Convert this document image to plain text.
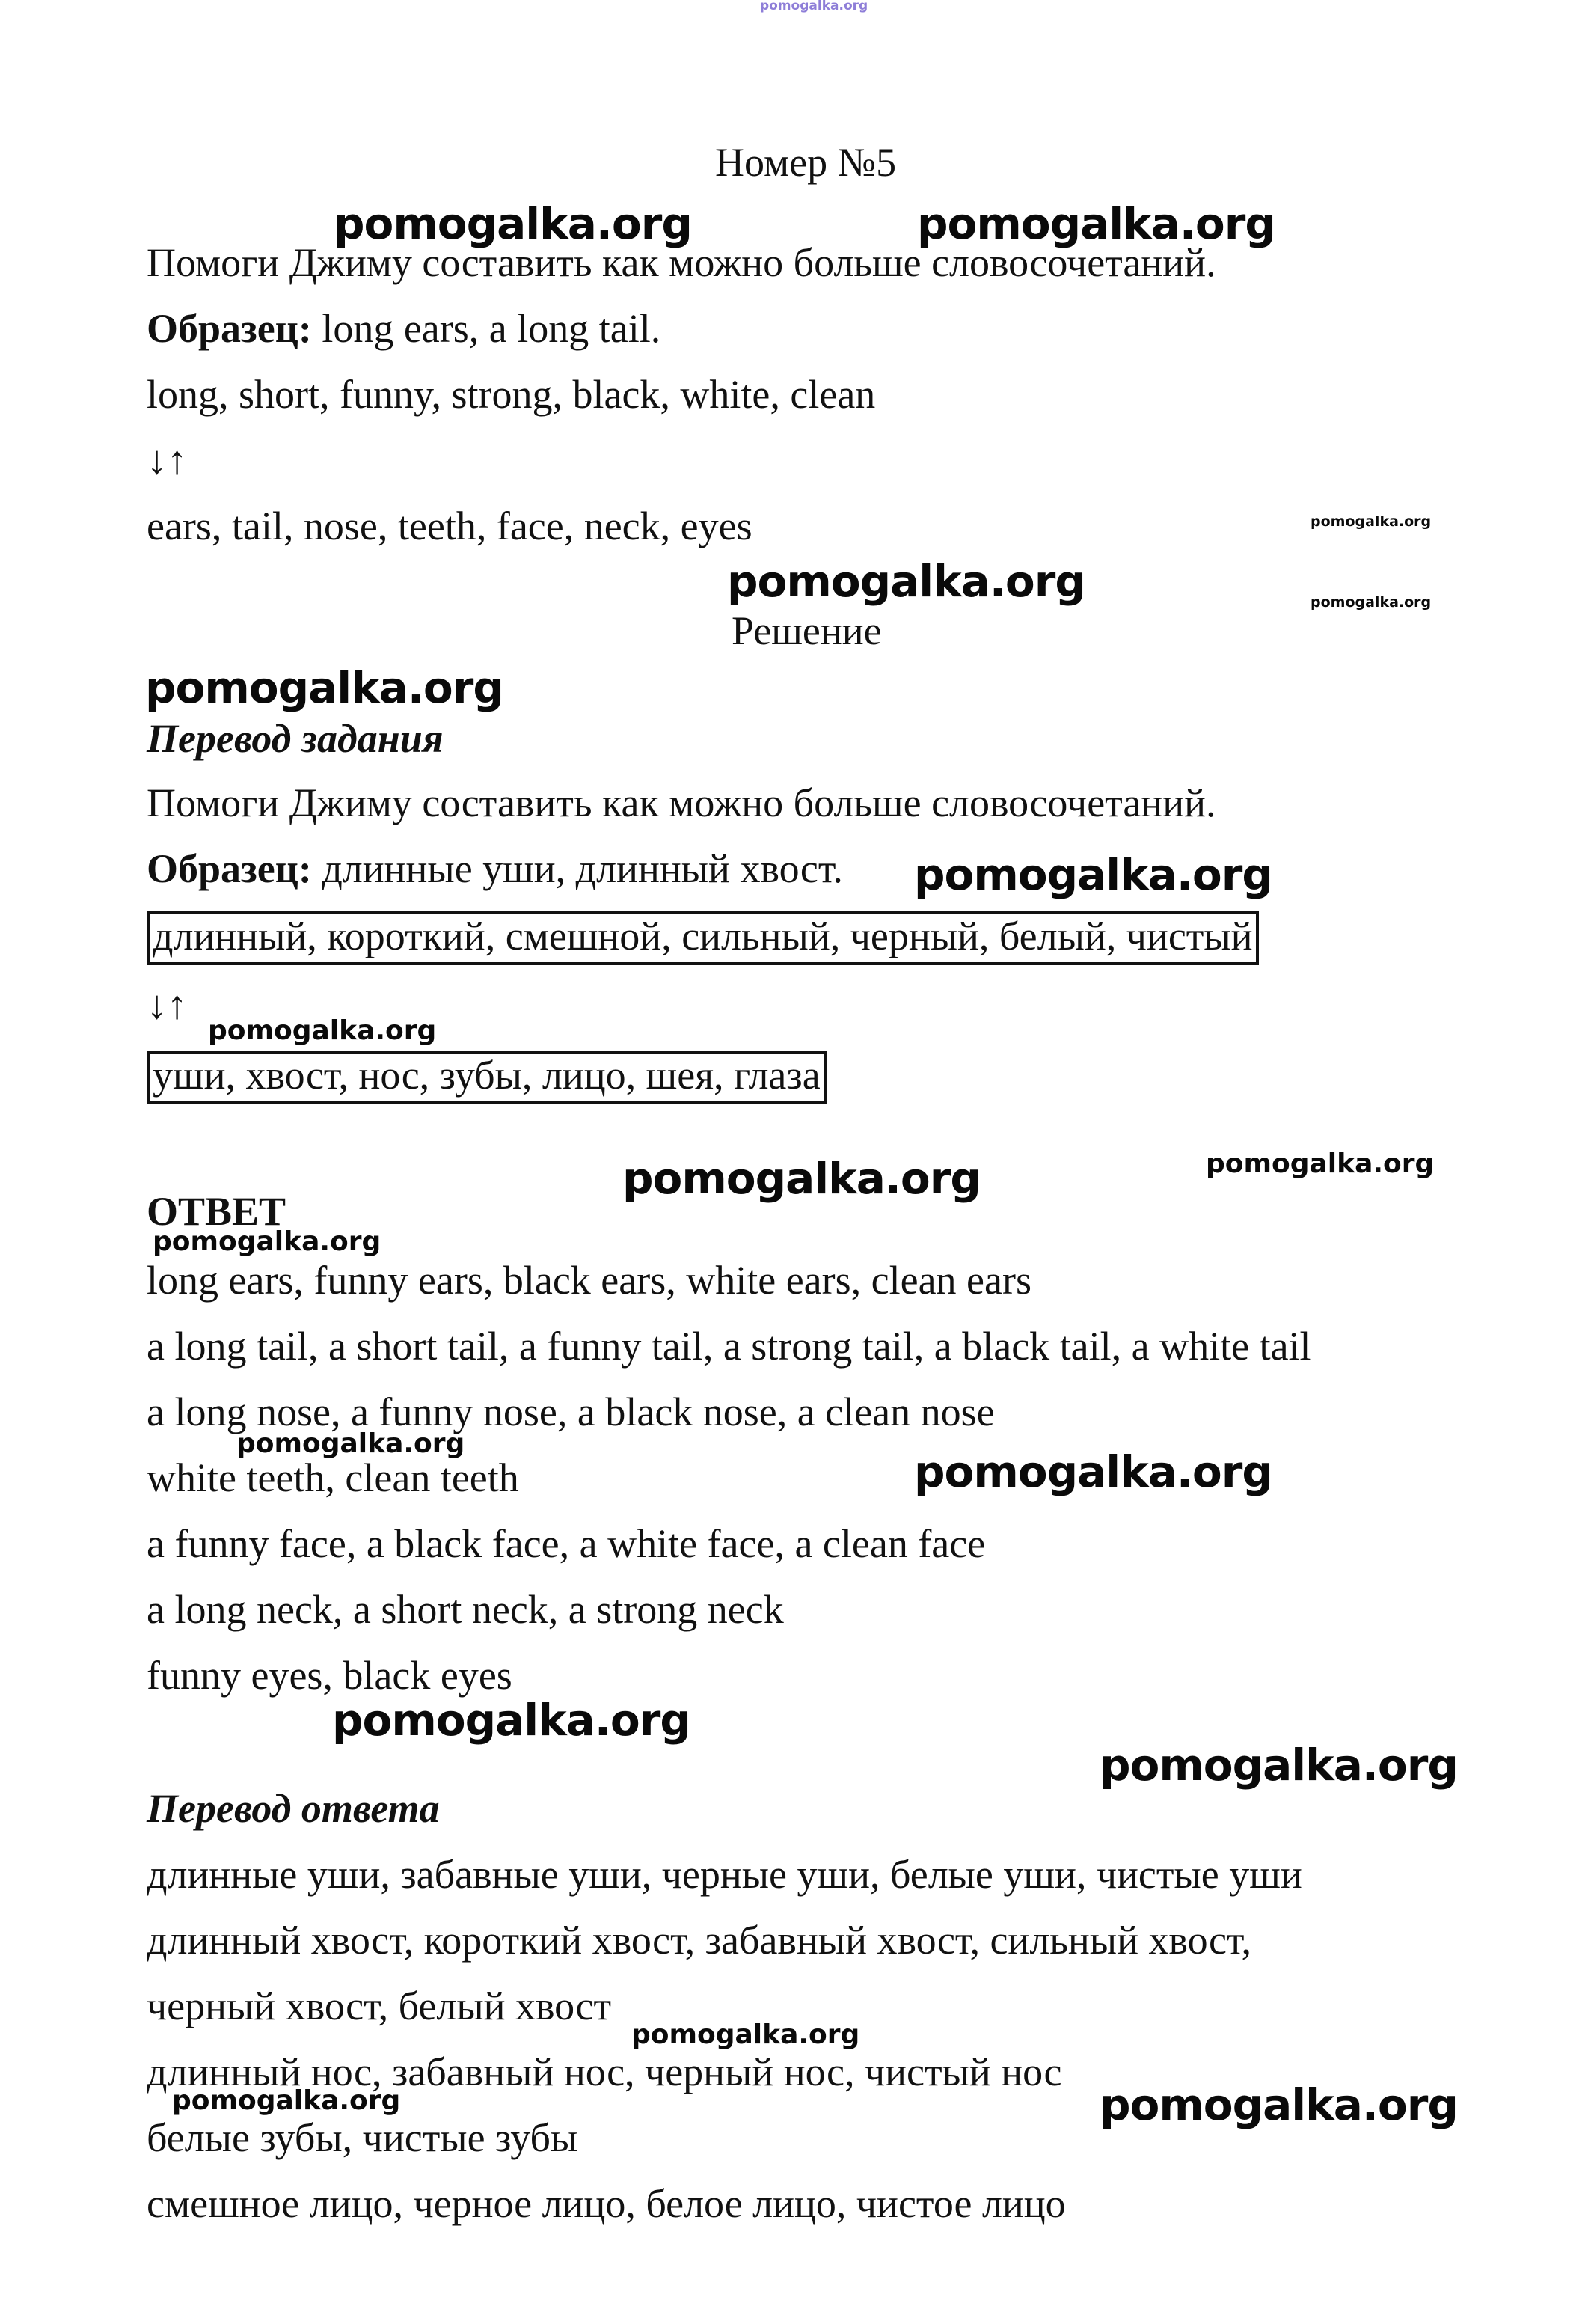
pomogalka.org
Номер №5
Помоги Джиму составить как можно больше словосочетаний.
Образец: long ears, a long tail.
long, short, funny, strong, black, white, clean
↓↑
ears, tail, nose, teeth, face, neck, eyes
Решение
Перевод задания
Помоги Джиму составить как можно больше словосочетаний.
Образец: длинные уши, длинный хвост.
длинный, короткий, смешной, сильный, черный, белый, чистый
↓↑
уши, хвост, нос, зубы, лицо, шея, глаза
ОТВЕТ
long ears, funny ears, black ears, white ears, clean ears
a long tail, a short tail, a funny tail, a strong tail, a black tail, a white tail
a long nose, a funny nose, a black nose, a clean nose
white teeth, clean teeth
a funny face, a black face, a white face, a clean face
a long neck, a short neck, a strong neck
funny eyes, black eyes
Перевод ответа
длинные уши, забавные уши, черные уши, белые уши, чистые уши
длинный хвост, короткий хвост, забавный хвост, сильный хвост,
черный хвост, белый хвост
длинный нос, забавный нос, черный нос, чистый нос
белые зубы, чистые зубы
смешное лицо, черное лицо, белое лицо, чистое лицо
pomogalka.org	pomogalka.org
pomogalka.org
pomogalka.org	pomogalka.org
pomogalka.org
pomogalka.org
pomogalka.org
pomogalka.org	pomogalka.org
pomogalka.org
pomogalka.org
pomogalka.org
pomogalka.org
pomogalka.org
pomogalka.org
pomogalka.org	pomogalka.org
